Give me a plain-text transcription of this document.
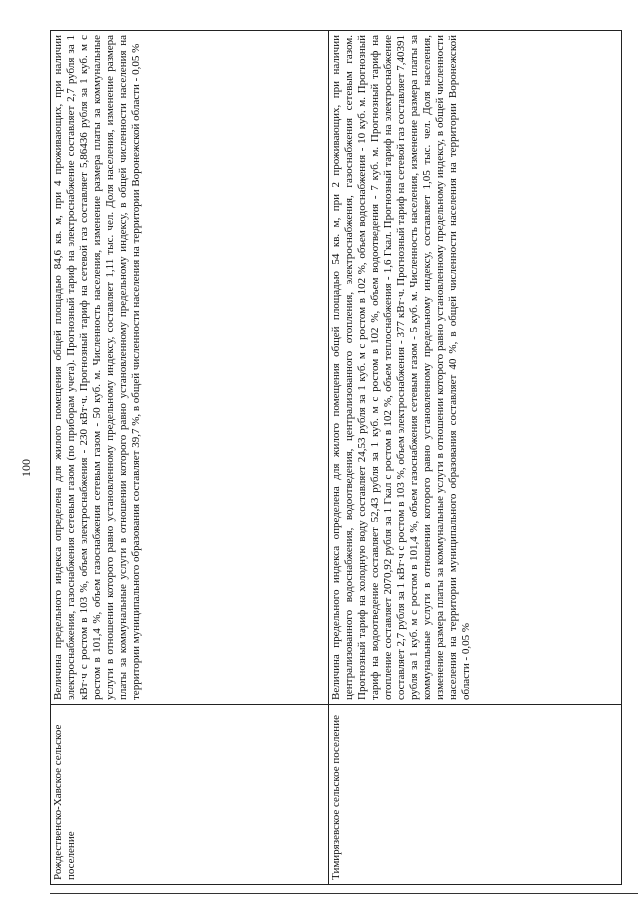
100
Рождественско-Хавское сельское поселение	Величина предельного индекса определена для жилого помещения общей площадью 84,6 кв. м, при 4 проживающих, при наличии электроснабжения, газоснабжения сетевым газом (по приборам учета). Прогнозный тариф на электроснабжение составляет 2,7 рубля за 1 кВт·ч с ростом в 103 %, объем электроснабжения - 230 кВт·ч. Прогнозный тариф на сетевой газ составляет 5,86436 рубля за 1 куб. м с ростом в 101,4 %, объем газоснабжения сетевым газом - 50 куб. м. Численность населения, изменение размера платы за коммунальные услуги в отношении которого равно установленному предельному индексу, составляет 1,11 тыс. чел. Доля населения, изменение размера платы за коммунальные услуги в отношении которого равно установленному предельному индексу, в общей численности населения на территории муниципального образования составляет 39,7 %, в общей численности населения на территории Воронежской области - 0,05 %
Тимирязевское сельское поселение	Величина предельного индекса определена для жилого помещения общей площадью 54 кв. м, при 2 проживающих, при наличии централизованного водоснабжения, водоотведения, централизованного отопления, электроснабжения, газоснабжения сетевым газом. Прогнозный тариф на холодную воду составляет 24,53 рубля за 1 куб. м с ростом в 102 %, объем водоснабжения - 10 куб. м. Прогнозный тариф на водоотведение составляет 52,43 рубля за 1 куб. м с ростом в 102 %, объем водоотведения - 7 куб. м. Прогнозный тариф на отопление составляет 2070,92 рубля за 1 Гкал с ростом в 102 %, объем теплоснабжения - 1,6 Гкал. Прогнозный тариф на электроснабжение составляет 2,7 рубля за 1 кВт·ч с ростом в 103 %, объем электроснабжения - 377 кВт·ч. Прогнозный тариф на сетевой газ составляет 7,40391 рубля за 1 куб. м с ростом в 101,4 %, объем газоснабжения сетевым газом - 5 куб. м. Численность населения, изменение размера платы за коммунальные услуги в отношении которого равно установленному предельному индексу, составляет 1,05 тыс. чел. Доля населения, изменение размера платы за коммунальные услуги в отношении которого равно установленному предельному индексу, в общей численности населения на территории муниципального образования составляет 40 %, в общей численности населения на территории Воронежской области - 0,05 %
